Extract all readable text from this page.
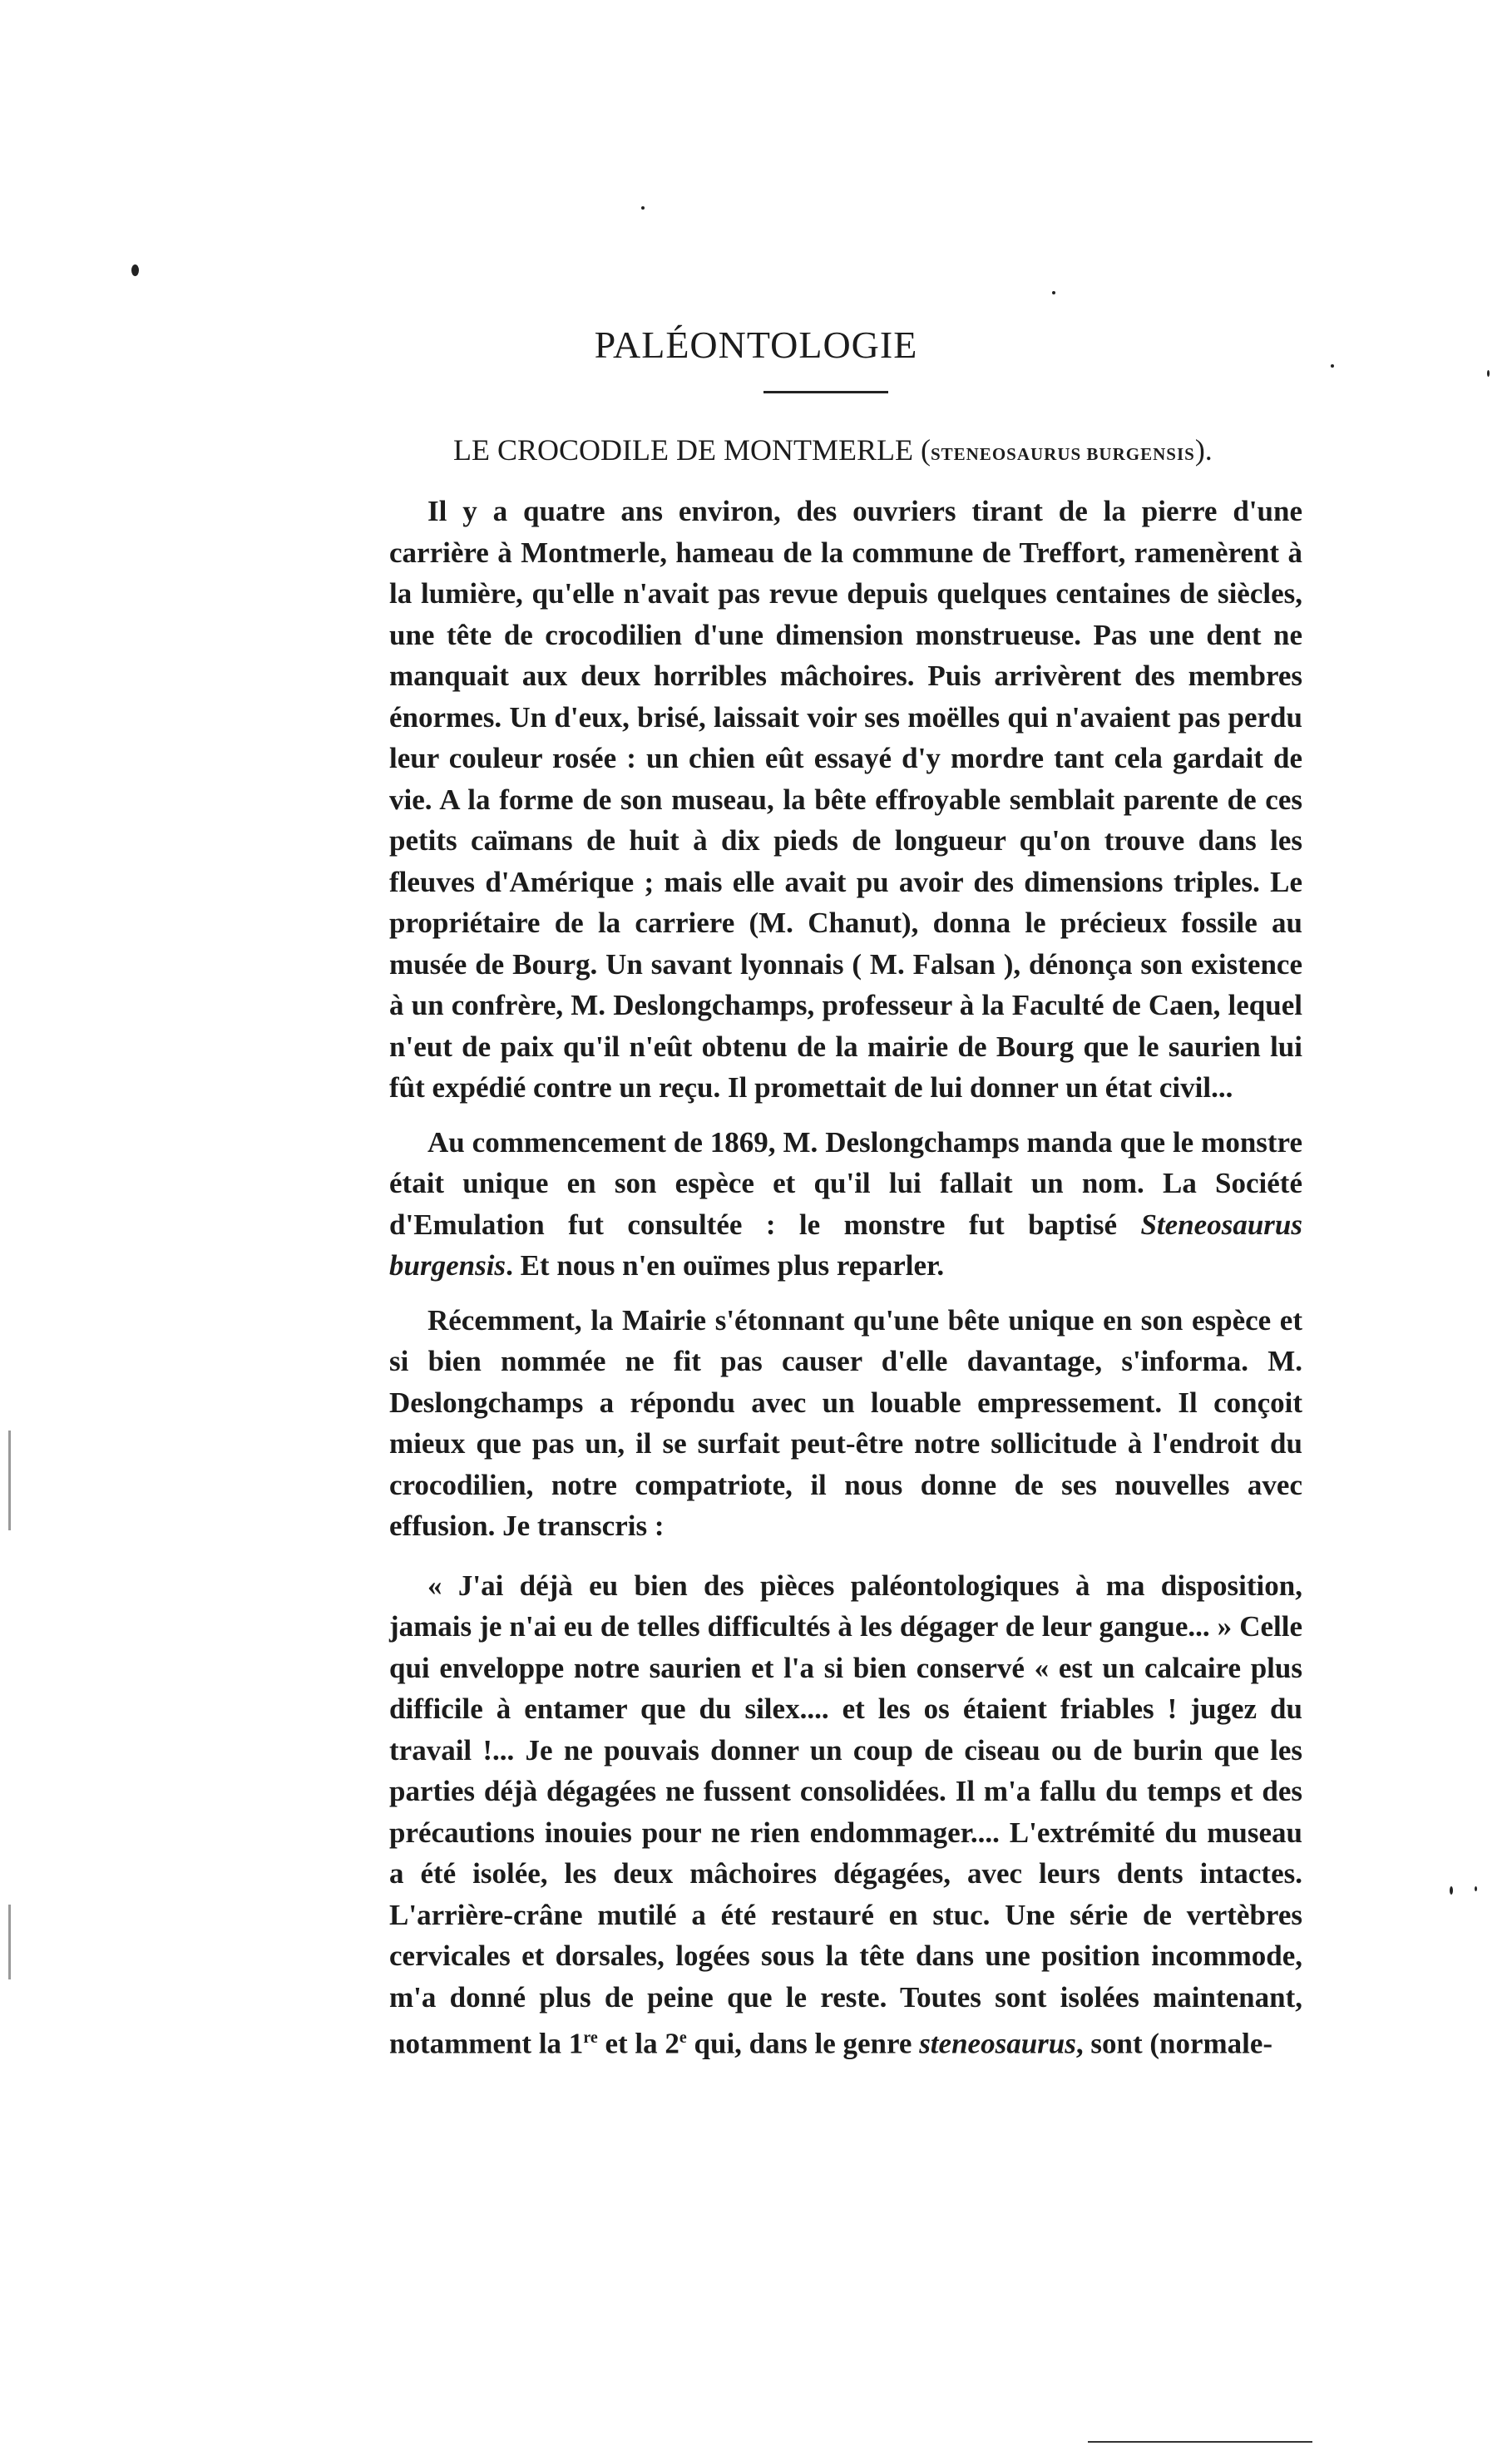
PALÉONTOLOGIE
LE CROCODILE DE MONTMERLE (STENEOSAURUS BURGENSIS).

Il y a quatre ans environ, des ouvriers tirant de la pierre d'une carrière à Montmerle, hameau de la commune de Treffort, ramenèrent à la lumière, qu'elle n'avait pas revue depuis quelques centaines de siècles, une tête de crocodilien d'une dimension monstrueuse. Pas une dent ne manquait aux deux horribles mâchoires. Puis arrivèrent des membres énormes. Un d'eux, brisé, laissait voir ses moëlles qui n'avaient pas perdu leur couleur rosée : un chien eût essayé d'y mordre tant cela gardait de vie. A la forme de son museau, la bête effroyable semblait parente de ces petits caïmans de huit à dix pieds de longueur qu'on trouve dans les fleuves d'Amérique ; mais elle avait pu avoir des dimensions triples. Le propriétaire de la carriere (M. Chanut), donna le précieux fossile au musée de Bourg. Un savant lyonnais ( M. Falsan ), dénonça son existence à un confrère, M. Deslongchamps, professeur à la Faculté de Caen, lequel n'eut de paix qu'il n'eût obtenu de la mairie de Bourg que le saurien lui fût expédié contre un reçu. Il promettait de lui donner un état civil...

Au commencement de 1869, M. Deslongchamps manda que le monstre était unique en son espèce et qu'il lui fallait un nom. La Société d'Emulation fut consultée : le monstre fut baptisé Steneosaurus burgensis. Et nous n'en ouïmes plus reparler.

Récemment, la Mairie s'étonnant qu'une bête unique en son espèce et si bien nommée ne fit pas causer d'elle davantage, s'informa. M. Deslongchamps a répondu avec un louable empressement. Il conçoit mieux que pas un, il se surfait peut-être notre sollicitude à l'endroit du crocodilien, notre compatriote, il nous donne de ses nouvelles avec effusion. Je transcris :

« J'ai déjà eu bien des pièces paléontologiques à ma disposition, jamais je n'ai eu de telles difficultés à les dégager de leur gangue... » Celle qui enveloppe notre saurien et l'a si bien conservé « est un calcaire plus difficile à entamer que du silex.... et les os étaient friables ! jugez du travail !... Je ne pouvais donner un coup de ciseau ou de burin que les parties déjà dégagées ne fussent consolidées. Il m'a fallu du temps et des précautions inouies pour ne rien endommager.... L'extrémité du museau a été isolée, les deux mâchoires dégagées, avec leurs dents intactes. L'arrière-crâne mutilé a été restauré en stuc. Une série de vertèbres cervicales et dorsales, logées sous la tête dans une position incommode, m'a donné plus de peine que le reste. Toutes sont isolées maintenant, notamment la 1re et la 2e qui, dans le genre steneosaurus, sont (normale-
